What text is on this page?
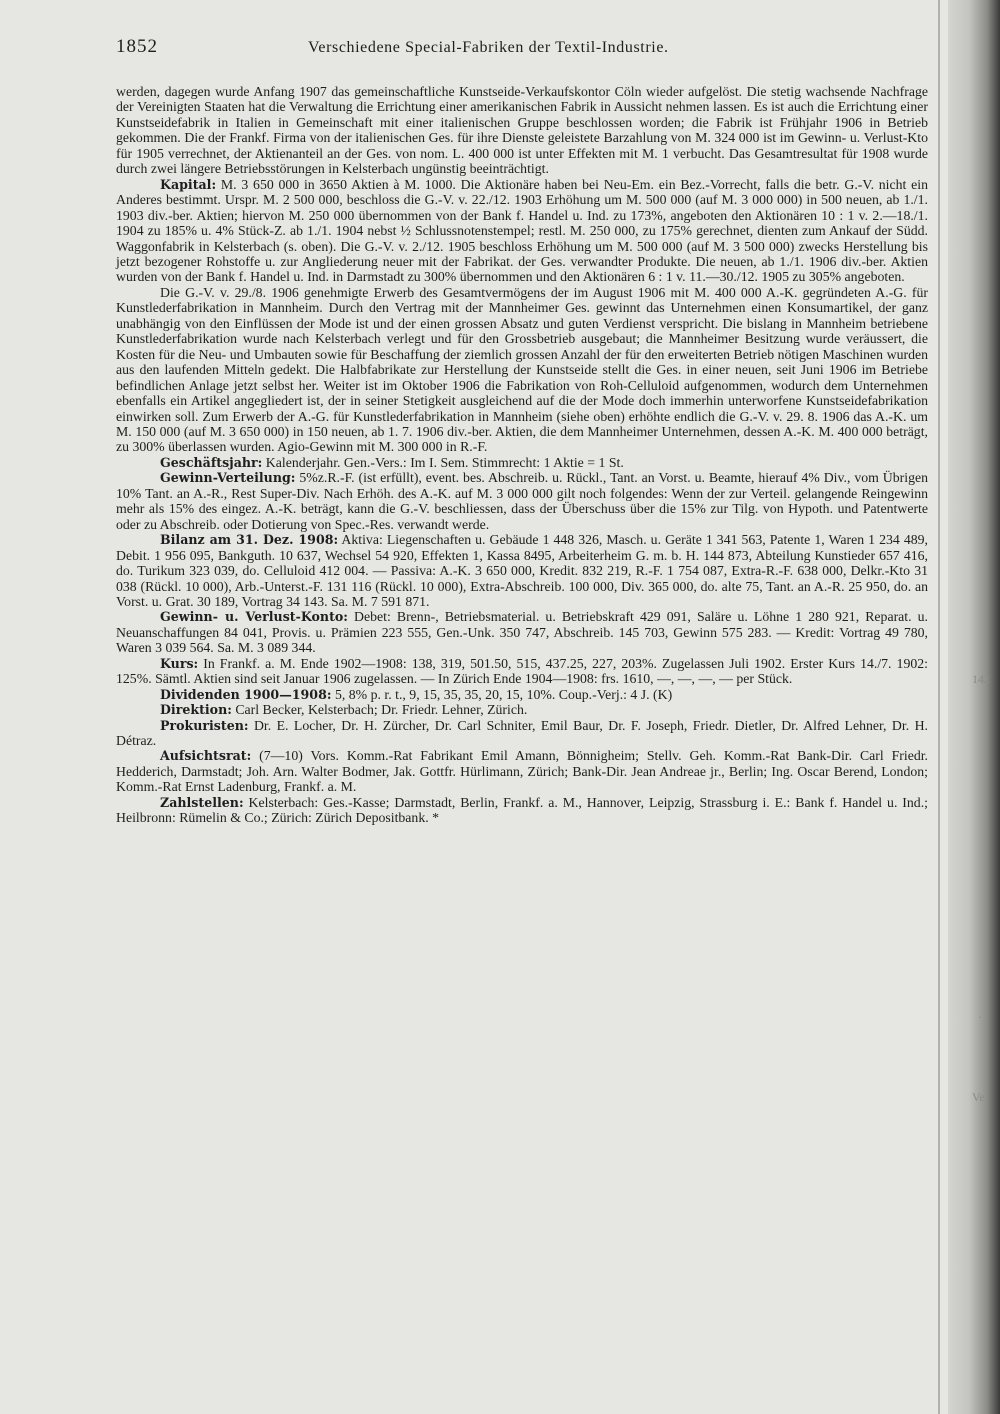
142
·
Ve
1852	Verschiedene Special-Fabriken der Textil-Industrie.

werden, dagegen wurde Anfang 1907 das gemeinschaftliche Kunstseide-Verkaufskontor Cöln wieder aufgelöst. Die stetig wachsende Nachfrage der Vereinigten Staaten hat die Verwaltung die Errichtung einer amerikanischen Fabrik in Aussicht nehmen lassen. Es ist auch die Errichtung einer Kunstseidefabrik in Italien in Gemeinschaft mit einer italienischen Gruppe beschlossen worden; die Fabrik ist Frühjahr 1906 in Betrieb gekommen. Die der Frankf. Firma von der italienischen Ges. für ihre Dienste geleistete Barzahlung von M. 324 000 ist im Gewinn- u. Verlust-Kto für 1905 verrechnet, der Aktienanteil an der Ges. von nom. L. 400 000 ist unter Effekten mit M. 1 verbucht. Das Gesamtresultat für 1908 wurde durch zwei längere Betriebsstörungen in Kelsterbach ungünstig beeinträchtigt.

Kapital: M. 3 650 000 in 3650 Aktien à M. 1000. Die Aktionäre haben bei Neu-Em. ein Bez.-Vorrecht, falls die betr. G.-V. nicht ein Anderes bestimmt. Urspr. M. 2 500 000, beschloss die G.-V. v. 22./12. 1903 Erhöhung um M. 500 000 (auf M. 3 000 000) in 500 neuen, ab 1./1. 1903 div.-ber. Aktien; hiervon M. 250 000 übernommen von der Bank f. Handel u. Ind. zu 173%, angeboten den Aktionären 10 : 1 v. 2.—18./1. 1904 zu 185% u. 4% Stück-Z. ab 1./1. 1904 nebst ½ Schlussnotenstempel; restl. M. 250 000, zu 175% gerechnet, dienten zum Ankauf der Südd. Waggonfabrik in Kelsterbach (s. oben). Die G.-V. v. 2./12. 1905 beschloss Erhöhung um M. 500 000 (auf M. 3 500 000) zwecks Herstellung bis jetzt bezogener Rohstoffe u. zur Angliederung neuer mit der Fabrikat. der Ges. verwandter Produkte. Die neuen, ab 1./1. 1906 div.-ber. Aktien wurden von der Bank f. Handel u. Ind. in Darmstadt zu 300% übernommen und den Aktionären 6 : 1 v. 11.—30./12. 1905 zu 305% angeboten.

Die G.-V. v. 29./8. 1906 genehmigte Erwerb des Gesamtvermögens der im August 1906 mit M. 400 000 A.-K. gegründeten A.-G. für Kunstlederfabrikation in Mannheim. Durch den Vertrag mit der Mannheimer Ges. gewinnt das Unternehmen einen Konsumartikel, der ganz unabhängig von den Einflüssen der Mode ist und der einen grossen Absatz und guten Verdienst verspricht. Die bislang in Mannheim betriebene Kunstlederfabrikation wurde nach Kelsterbach verlegt und für den Grossbetrieb ausgebaut; die Mannheimer Besitzung wurde veräussert, die Kosten für die Neu- und Umbauten sowie für Beschaffung der ziemlich grossen Anzahl der für den erweiterten Betrieb nötigen Maschinen wurden aus den laufenden Mitteln gedekt. Die Halbfabrikate zur Herstellung der Kunstseide stellt die Ges. in einer neuen, seit Juni 1906 im Betriebe befindlichen Anlage jetzt selbst her. Weiter ist im Oktober 1906 die Fabrikation von Roh-Celluloid aufgenommen, wodurch dem Unternehmen ebenfalls ein Artikel angegliedert ist, der in seiner Stetigkeit ausgleichend auf die der Mode doch immerhin unterworfene Kunstseidefabrikation einwirken soll. Zum Erwerb der A.-G. für Kunstlederfabrikation in Mannheim (siehe oben) erhöhte endlich die G.-V. v. 29. 8. 1906 das A.-K. um M. 150 000 (auf M. 3 650 000) in 150 neuen, ab 1. 7. 1906 div.-ber. Aktien, die dem Mannheimer Unternehmen, dessen A.-K. M. 400 000 beträgt, zu 300% überlassen wurden. Agio-Gewinn mit M. 300 000 in R.-F.

Geschäftsjahr: Kalenderjahr. Gen.-Vers.: Im I. Sem. Stimmrecht: 1 Aktie = 1 St.

Gewinn-Verteilung: 5%z.R.-F. (ist erfüllt), event. bes. Abschreib. u. Rückl., Tant. an Vorst. u. Beamte, hierauf 4% Div., vom Übrigen 10% Tant. an A.-R., Rest Super-Div. Nach Erhöh. des A.-K. auf M. 3 000 000 gilt noch folgendes: Wenn der zur Verteil. gelangende Reingewinn mehr als 15% des eingez. A.-K. beträgt, kann die G.-V. beschliessen, dass der Überschuss über die 15% zur Tilg. von Hypoth. und Patentwerte oder zu Abschreib. oder Dotierung von Spec.-Res. verwandt werde.

Bilanz am 31. Dez. 1908: Aktiva: Liegenschaften u. Gebäude 1 448 326, Masch. u. Geräte 1 341 563, Patente 1, Waren 1 234 489, Debit. 1 956 095, Bankguth. 10 637, Wechsel 54 920, Effekten 1, Kassa 8495, Arbeiterheim G. m. b. H. 144 873, Abteilung Kunstieder 657 416, do. Turikum 323 039, do. Celluloid 412 004. — Passiva: A.-K. 3 650 000, Kredit. 832 219, R.-F. 1 754 087, Extra-R.-F. 638 000, Delkr.-Kto 31 038 (Rückl. 10 000), Arb.-Unterst.-F. 131 116 (Rückl. 10 000), Extra-Abschreib. 100 000, Div. 365 000, do. alte 75, Tant. an A.-R. 25 950, do. an Vorst. u. Grat. 30 189, Vortrag 34 143. Sa. M. 7 591 871.

Gewinn- u. Verlust-Konto: Debet: Brenn-, Betriebsmaterial. u. Betriebskraft 429 091, Saläre u. Löhne 1 280 921, Reparat. u. Neuanschaffungen 84 041, Provis. u. Prämien 223 555, Gen.-Unk. 350 747, Abschreib. 145 703, Gewinn 575 283. — Kredit: Vortrag 49 780, Waren 3 039 564. Sa. M. 3 089 344.

Kurs: In Frankf. a. M. Ende 1902—1908: 138, 319, 501.50, 515, 437.25, 227, 203%. Zugelassen Juli 1902. Erster Kurs 14./7. 1902: 125%. Sämtl. Aktien sind seit Januar 1906 zugelassen. — In Zürich Ende 1904—1908: frs. 1610, —, —, —, — per Stück.

Dividenden 1900—1908: 5, 8% p. r. t., 9, 15, 35, 35, 20, 15, 10%. Coup.-Verj.: 4 J. (K)

Direktion: Carl Becker, Kelsterbach; Dr. Friedr. Lehner, Zürich.

Prokuristen: Dr. E. Locher, Dr. H. Zürcher, Dr. Carl Schniter, Emil Baur, Dr. F. Joseph, Friedr. Dietler, Dr. Alfred Lehner, Dr. H. Détraz.

Aufsichtsrat: (7—10) Vors. Komm.-Rat Fabrikant Emil Amann, Bönnigheim; Stellv. Geh. Komm.-Rat Bank-Dir. Carl Friedr. Hedderich, Darmstadt; Joh. Arn. Walter Bodmer, Jak. Gottfr. Hürlimann, Zürich; Bank-Dir. Jean Andreae jr., Berlin; Ing. Oscar Berend, London; Komm.-Rat Ernst Ladenburg, Frankf. a. M.

Zahlstellen: Kelsterbach: Ges.-Kasse; Darmstadt, Berlin, Frankf. a. M., Hannover, Leipzig, Strassburg i. E.: Bank f. Handel u. Ind.; Heilbronn: Rümelin & Co.; Zürich: Zürich Depositbank. *
